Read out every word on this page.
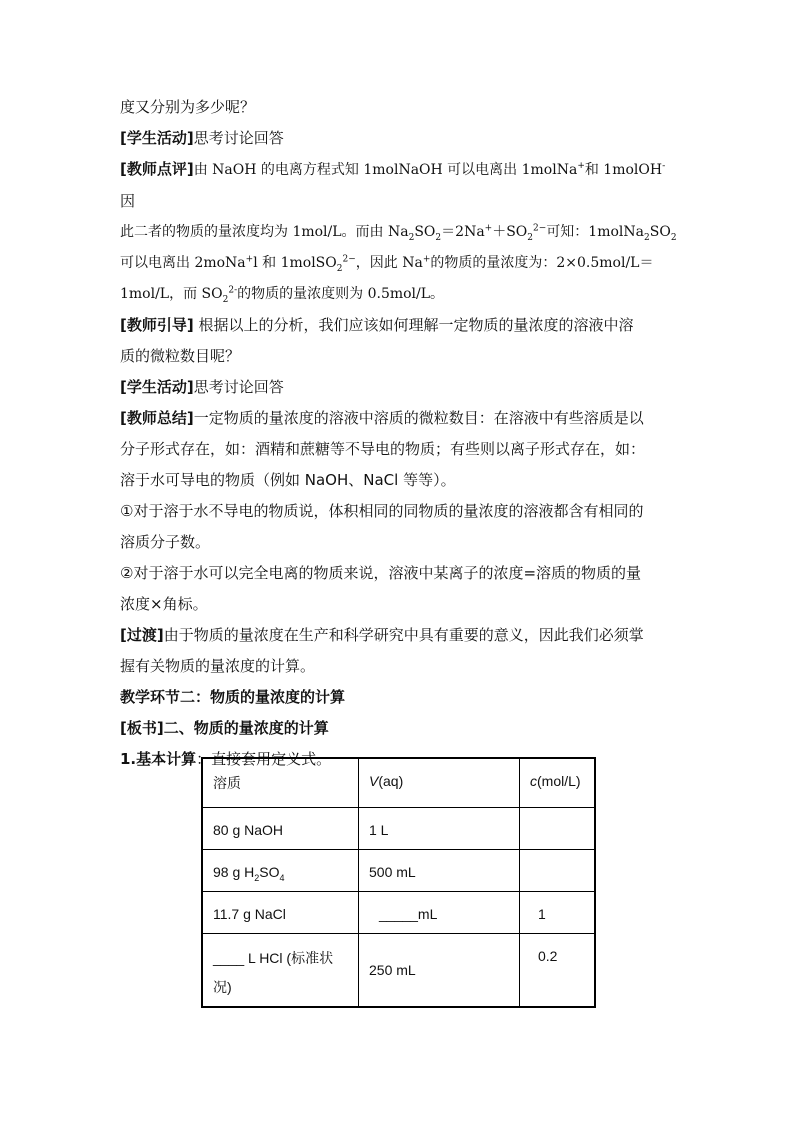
度又分别为多少呢？

[学生活动]思考讨论回答

[教师点评]由 NaOH 的电离方程式知 1molNaOH 可以电离出 1molNa+和 1molOH-因

此二者的物质的量浓度均为 1mol/L。而由 $Na_2SO_2=2Na^++SO_2^{2-}$可知：$1molNa_2SO_2$

可以电离出 2moNa+l 和 1molSO$_2^{2-}$，因此 Na+的物质的量浓度为：2×0.5mol/L＝

1mol/L，而 $SO_2^{2-}$的物质的量浓度则为 0.5mol/L。

[教师引导] 根据以上的分析，我们应该如何理解一定物质的量浓度的溶液中溶

质的微粒数目呢？

[学生活动]思考讨论回答

[教师总结]一定物质的量浓度的溶液中溶质的微粒数目：在溶液中有些溶质是以

分子形式存在，如：酒精和蔗糖等不导电的物质；有些则以离子形式存在，如：

溶于水可导电的物质（例如 NaOH、NaCl 等等）。

①对于溶于水不导电的物质说，体积相同的同物质的量浓度的溶液都含有相同的

溶质分子数。

②对于溶于水可以完全电离的物质来说，溶液中某离子的浓度=溶质的物质的量

浓度×角标。

[过渡]由于物质的量浓度在生产和科学研究中具有重要的意义，因此我们必须掌

握有关物质的量浓度的计算。

教学环节二：物质的量浓度的计算

[板书]二、物质的量浓度的计算

1.基本计算：直接套用定义式。

溶质	V(aq)	c(mol/L)
80 g NaOH	1 L	
98 g $H_2SO_4$	500 mL	
11.7 g NaCl	_____mL	1
____ L HCl (标准状
况)	250 mL	0.2
